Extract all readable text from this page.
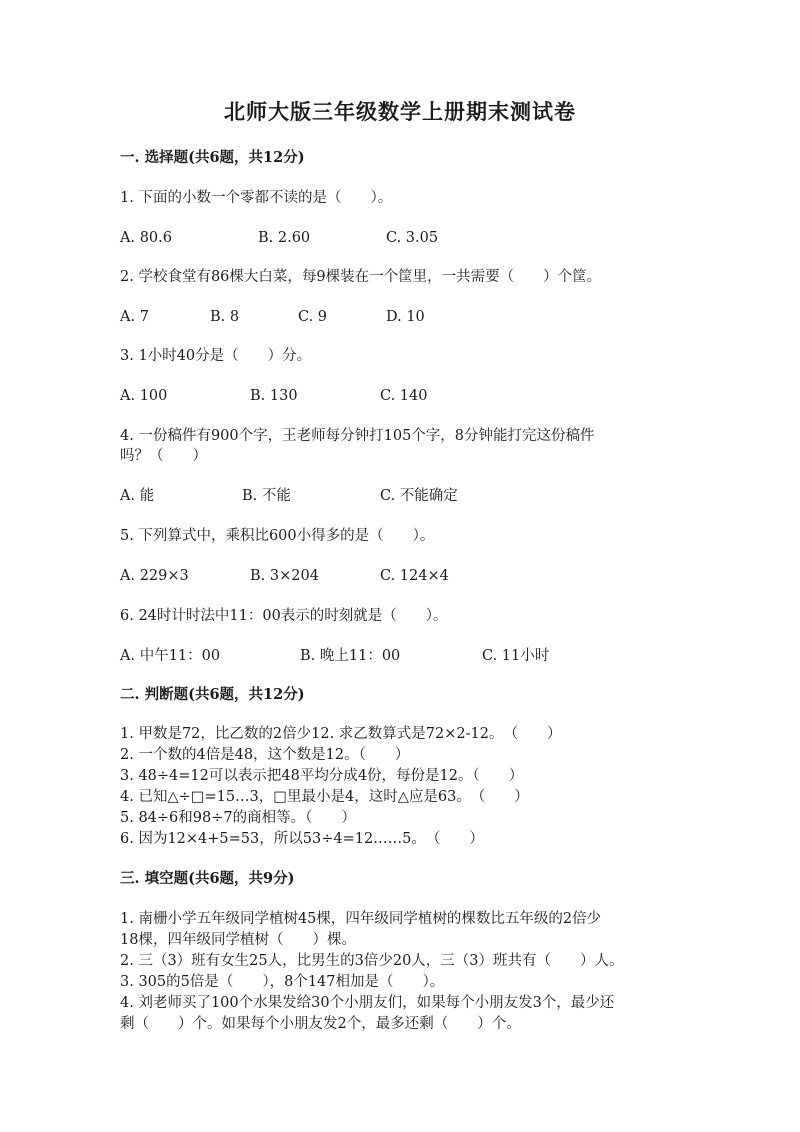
北师大版三年级数学上册期末测试卷
一. 选择题(共6题，共12分)
1. 下面的小数一个零都不读的是（　　）。
A. 80.6	B. 2.60	C. 3.05
2. 学校食堂有86棵大白菜，每9棵装在一个筐里，一共需要（　　）个筐。
A. 7	B. 8	C. 9	D. 10
3. 1小时40分是（　　）分。
A. 100	B. 130	C. 140
4. 一份稿件有900个字，王老师每分钟打105个字，8分钟能打完这份稿件
吗？（　　）
A. 能	B. 不能	C. 不能确定
5. 下列算式中，乘积比600小得多的是（　　）。
A. 229×3	B. 3×204	C. 124×4
6. 24时计时法中11：00表示的时刻就是（　　）。
A. 中午11：00	B. 晚上11：00	C. 11小时
二. 判断题(共6题，共12分)
1. 甲数是72，比乙数的2倍少12. 求乙数算式是72×2-12。　（　　）
2. 一个数的4倍是48，这个数是12。（　　）
3. 48÷4=12可以表示把48平均分成4份，每份是12。（　　）
4. 已知△÷□=15…3，□里最小是4，这时△应是63。　（　　）
5. 84÷6和98÷7的商相等。（　　）
6. 因为12×4+5=53，所以53÷4=12……5。　（　　）
三. 填空题(共6题，共9分)
1. 南栅小学五年级同学植树45棵，四年级同学植树的棵数比五年级的2倍少
18棵，四年级同学植树（　　）棵。
2. 三（3）班有女生25人，比男生的3倍少20人，三（3）班共有（　　）人。
3. 305的5倍是（　　），8个147相加是（　　）。
4. 刘老师买了100个水果发给30个小朋友们，如果每个小朋友发3个，最少还
剩（　　）个。如果每个小朋友发2个，最多还剩（　　）个。
